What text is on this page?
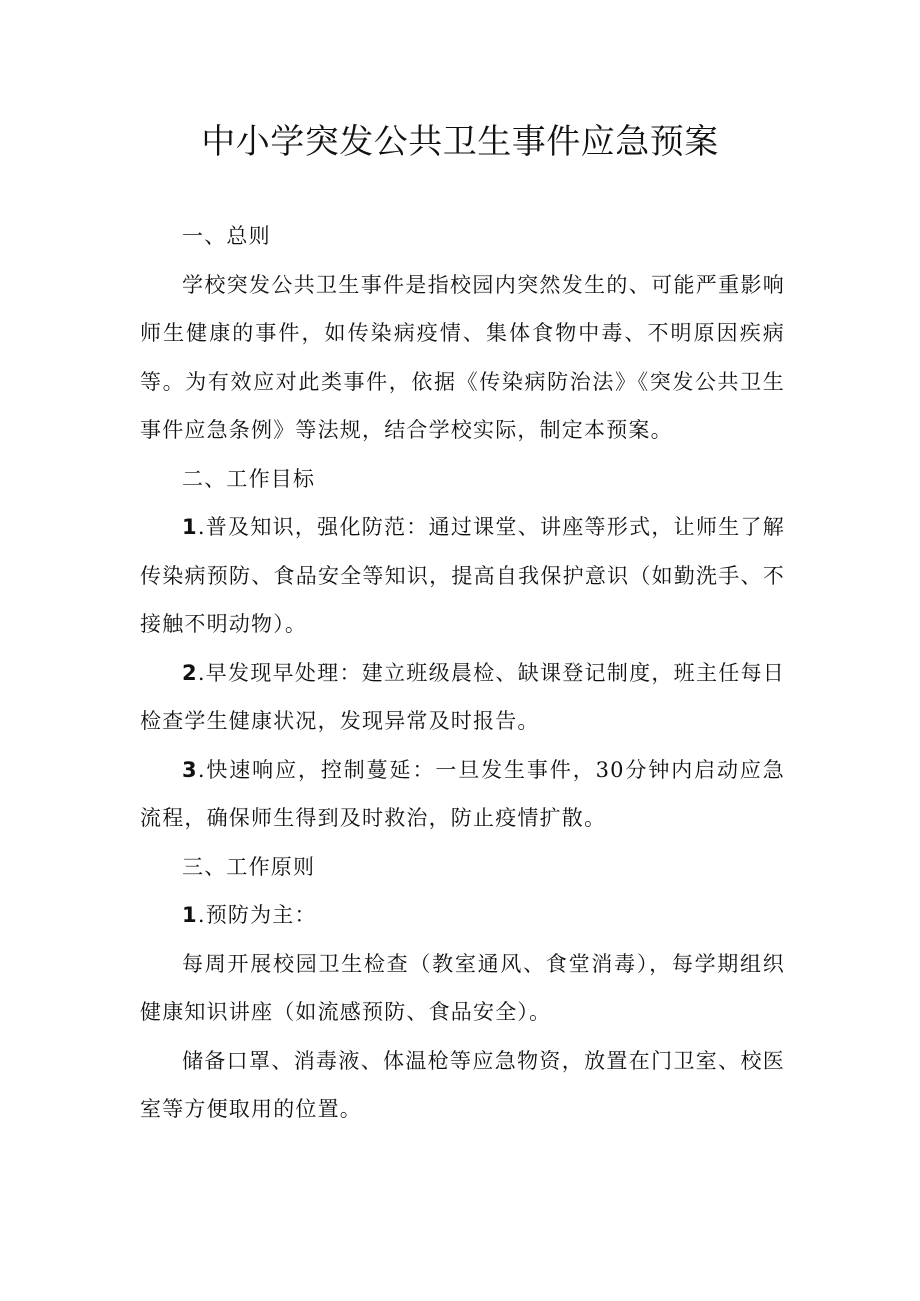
中小学突发公共卫生事件应急预案

一、总则

学校突发公共卫生事件是指校园内突然发生的、可能严重影响师生健康的事件，如传染病疫情、集体食物中毒、不明原因疾病等。为有效应对此类事件，依据《传染病防治法》《突发公共卫生事件应急条例》等法规，结合学校实际，制定本预案。

二、工作目标

1.普及知识，强化防范：通过课堂、讲座等形式，让师生了解传染病预防、食品安全等知识，提高自我保护意识（如勤洗手、不接触不明动物）。

2.早发现早处理：建立班级晨检、缺课登记制度，班主任每日检查学生健康状况，发现异常及时报告。

3.快速响应，控制蔓延：一旦发生事件，30分钟内启动应急流程，确保师生得到及时救治，防止疫情扩散。

三、工作原则

1.预防为主：

每周开展校园卫生检查（教室通风、食堂消毒），每学期组织健康知识讲座（如流感预防、食品安全）。

储备口罩、消毒液、体温枪等应急物资，放置在门卫室、校医室等方便取用的位置。
